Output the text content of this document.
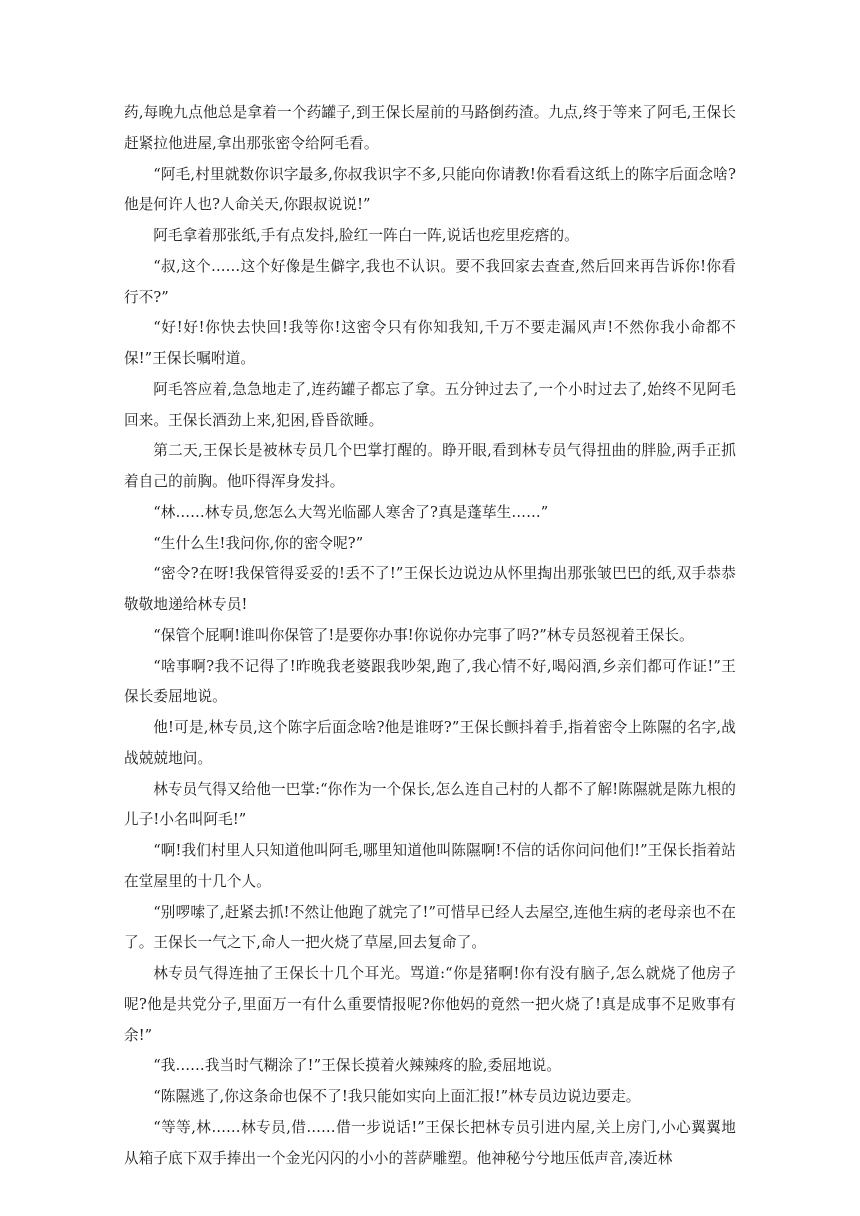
药,每晚九点他总是拿着一个药罐子,到王保长屋前的马路倒药渣。九点,终于等来了阿毛,王保长赶紧拉他进屋,拿出那张密令给阿毛看。

“阿毛,村里就数你识字最多,你叔我识字不多,只能向你请教!你看看这纸上的陈字后面念啥?他是何许人也?人命关天,你跟叔说说!”

阿毛拿着那张纸,手有点发抖,脸红一阵白一阵,说话也疙里疙瘩的。

“叔,这个……这个好像是生僻字,我也不认识。要不我回家去查查,然后回来再告诉你!你看行不?”

“好!好!你快去快回!我等你!这密令只有你知我知,千万不要走漏风声!不然你我小命都不保!”王保长嘱咐道。

阿毛答应着,急急地走了,连药罐子都忘了拿。五分钟过去了,一个小时过去了,始终不见阿毛回来。王保长酒劲上来,犯困,昏昏欲睡。

第二天,王保长是被林专员几个巴掌打醒的。睁开眼,看到林专员气得扭曲的胖脸,两手正抓着自己的前胸。他吓得浑身发抖。

“林……林专员,您怎么大驾光临鄙人寒舍了?真是蓬荜生……”

“生什么生!我问你,你的密令呢?”

“密令?在呀!我保管得妥妥的!丢不了!”王保长边说边从怀里掏出那张皱巴巴的纸,双手恭恭敬敬地递给林专员!

“保管个屁啊!谁叫你保管了!是要你办事!你说你办完事了吗?”林专员怒视着王保长。

“啥事啊?我不记得了!昨晚我老婆跟我吵架,跑了,我心情不好,喝闷酒,乡亲们都可作证!”王保长委屈地说。

他!可是,林专员,这个陈字后面念啥?他是谁呀?”王保长颤抖着手,指着密令上陈隰的名字,战战兢兢地问。

林专员气得又给他一巴掌:“你作为一个保长,怎么连自己村的人都不了解!陈隰就是陈九根的儿子!小名叫阿毛!”

“啊!我们村里人只知道他叫阿毛,哪里知道他叫陈隰啊!不信的话你问问他们!”王保长指着站在堂屋里的十几个人。

“别啰嗦了,赶紧去抓!不然让他跑了就完了!”可惜早已经人去屋空,连他生病的老母亲也不在了。王保长一气之下,命人一把火烧了草屋,回去复命了。

林专员气得连抽了王保长十几个耳光。骂道:“你是猪啊!你有没有脑子,怎么就烧了他房子呢?他是共党分子,里面万一有什么重要情报呢?你他妈的竟然一把火烧了!真是成事不足败事有余!”

“我……我当时气糊涂了!”王保长摸着火辣辣疼的脸,委屈地说。

“陈隰逃了,你这条命也保不了!我只能如实向上面汇报!”林专员边说边要走。

“等等,林……林专员,借……借一步说话!”王保长把林专员引进内屋,关上房门,小心翼翼地从箱子底下双手捧出一个金光闪闪的小小的菩萨雕塑。他神秘兮兮地压低声音,凑近林
